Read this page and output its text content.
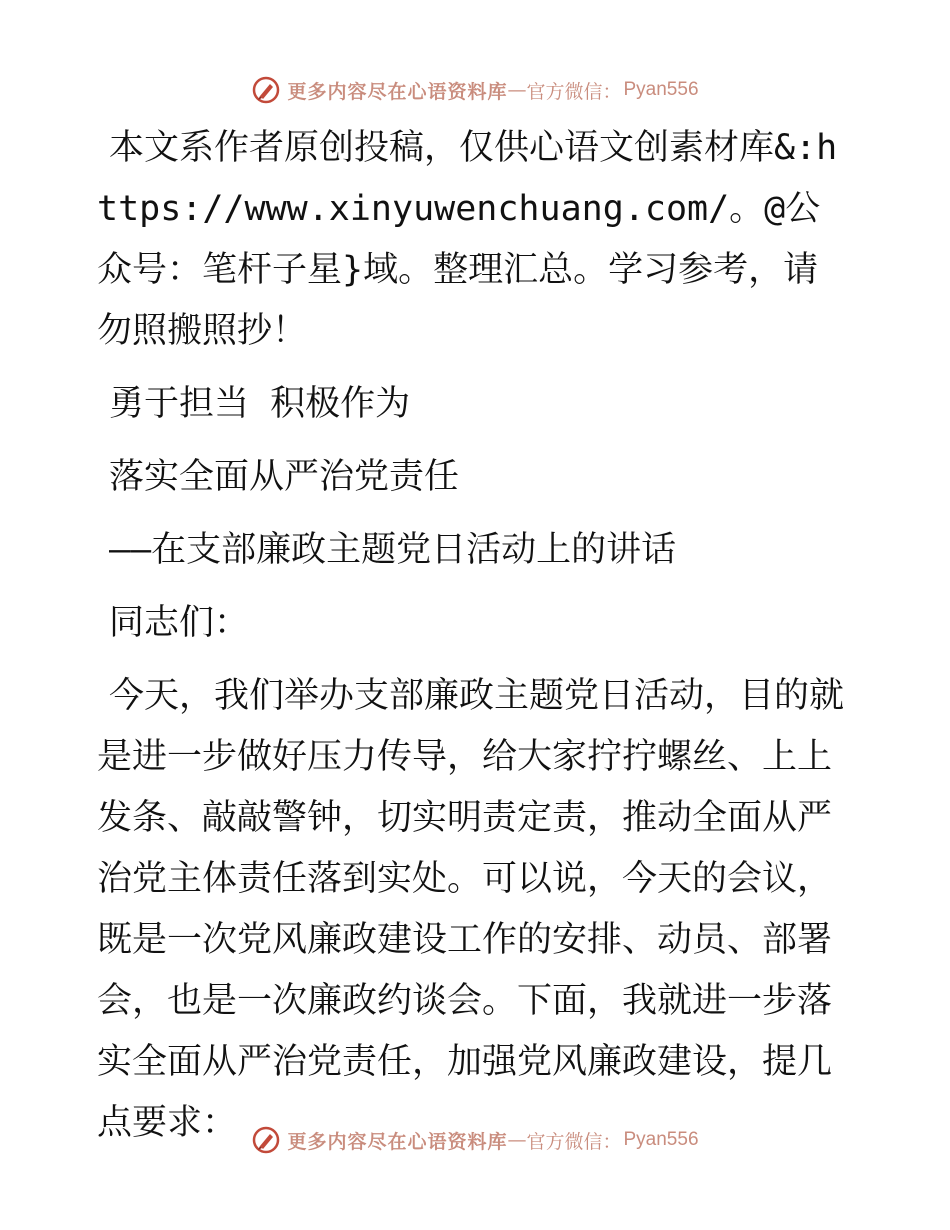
更多内容尽在心语资料库 — 官方微信： Pyan556

本文系作者原创投稿，仅供心语文创素材库&:https://www.xinyuwenchuang.com/。@公众号：笔杆子星}域。整理汇总。学习参考，请勿照搬照抄！

勇于担当 积极作为

落实全面从严治党责任

——在支部廉政主题党日活动上的讲话

同志们：

今天，我们举办支部廉政主题党日活动，目的就是进一步做好压力传导，给大家拧拧螺丝、上上发条、敲敲警钟，切实明责定责，推动全面从严治党主体责任落到实处。可以说，今天的会议，既是一次党风廉政建设工作的安排、动员、部署会，也是一次廉政约谈会。下面，我就进一步落实全面从严治党责任，加强党风廉政建设，提几点要求：	更多内容尽在心语资料库 — 官方微信： Pyan556
